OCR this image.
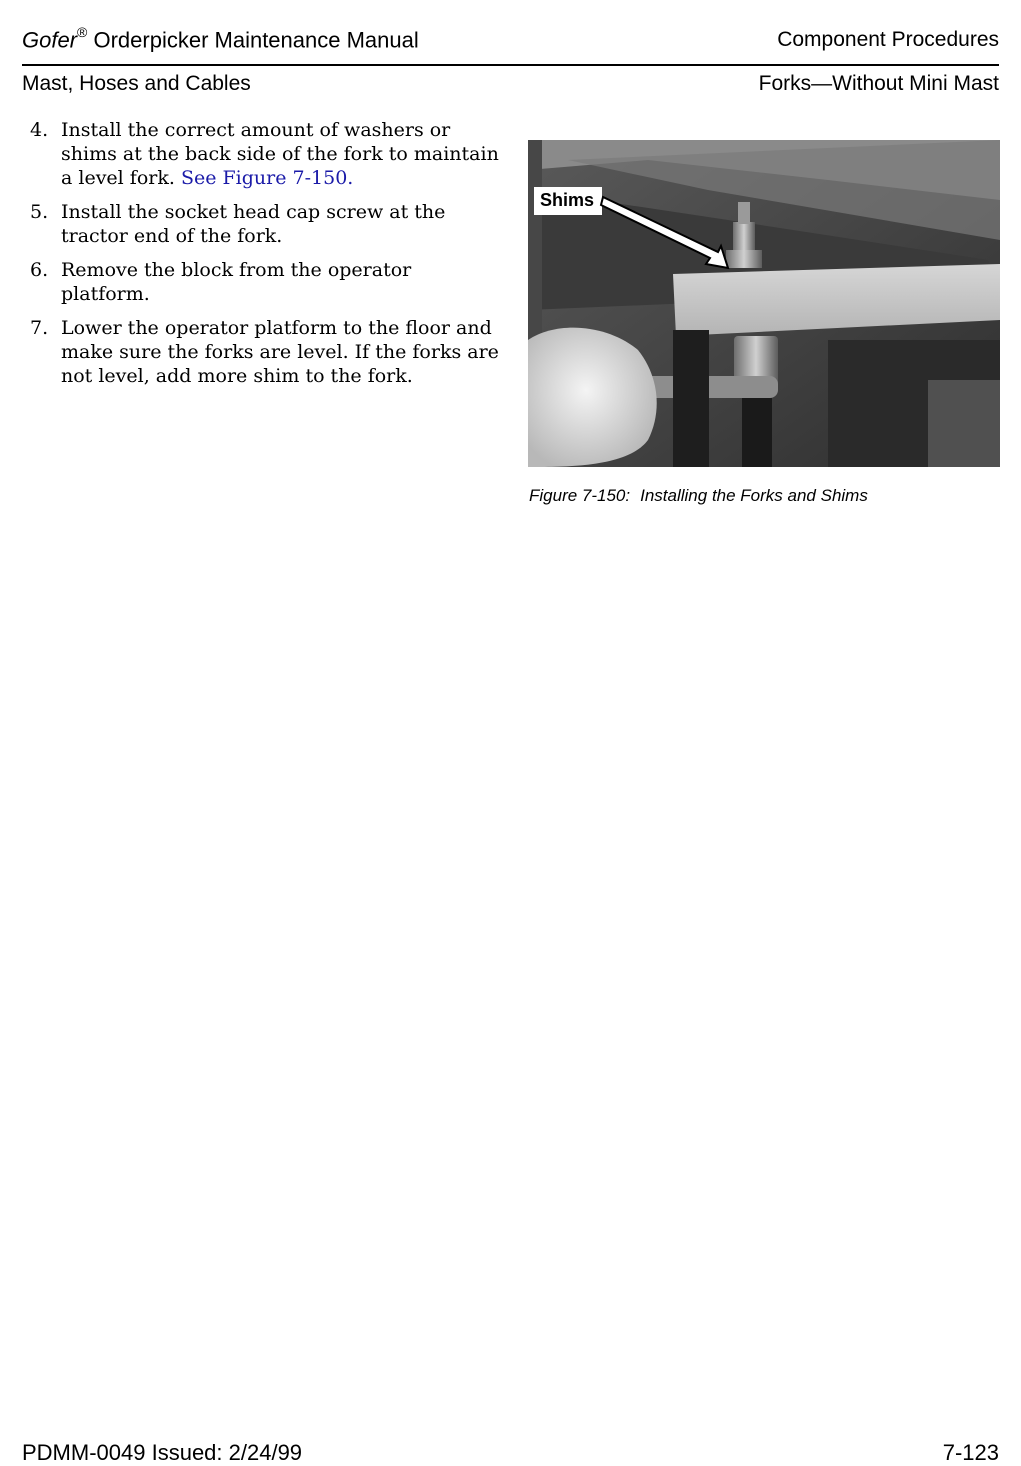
Gofer® Orderpicker Maintenance Manual	Component Procedures
Mast, Hoses and Cables	Forks—Without Mini Mast
4. Install the correct amount of washers or shims at the back side of the fork to maintain a level fork. See Figure 7-150.
5. Install the socket head cap screw at the tractor end of the fork.
6. Remove the block from the operator platform.
7. Lower the operator platform to the floor and make sure the forks are level. If the forks are not level, add more shim to the fork.
Shims
Figure 7-150: Installing the Forks and Shims
PDMM-0049 Issued: 2/24/99	7-123
